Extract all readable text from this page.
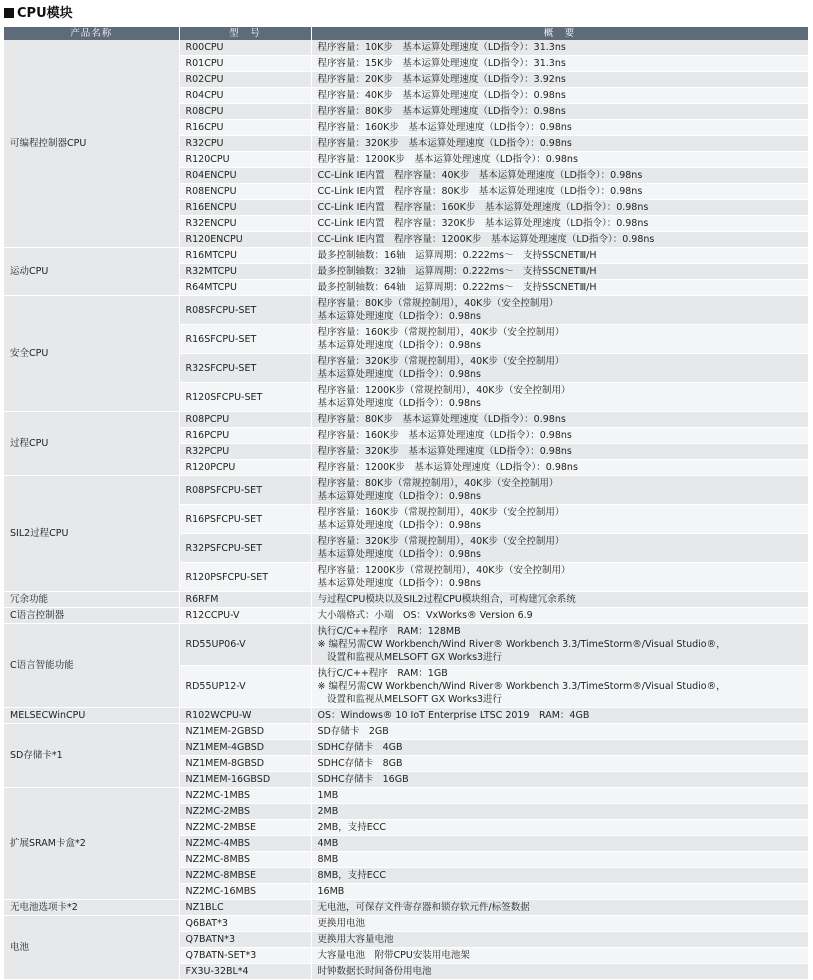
CPU模块
产品名称	型　号	概　要
可编程控制器CPU	R00CPU	程序容量：10K步　基本运算处理速度（LD指令）：31.3ns

	R01CPU	程序容量：15K步　基本运算处理速度（LD指令）：31.3ns

	R02CPU	程序容量：20K步　基本运算处理速度（LD指令）：3.92ns

	R04CPU	程序容量：40K步　基本运算处理速度（LD指令）：0.98ns

	R08CPU	程序容量：80K步　基本运算处理速度（LD指令）：0.98ns

	R16CPU	程序容量：160K步　基本运算处理速度（LD指令）：0.98ns

	R32CPU	程序容量：320K步　基本运算处理速度（LD指令）：0.98ns

	R120CPU	程序容量：1200K步　基本运算处理速度（LD指令）：0.98ns

	R04ENCPU	CC-Link IE内置　程序容量：40K步　基本运算处理速度（LD指令）：0.98ns

	R08ENCPU	CC-Link IE内置　程序容量：80K步　基本运算处理速度（LD指令）：0.98ns

	R16ENCPU	CC-Link IE内置　程序容量：160K步　基本运算处理速度（LD指令）：0.98ns

	R32ENCPU	CC-Link IE内置　程序容量：320K步　基本运算处理速度（LD指令）：0.98ns

	R120ENCPU	CC-Link IE内置　程序容量：1200K步　基本运算处理速度（LD指令）：0.98ns

运动CPU	R16MTCPU	最多控制轴数：16轴　运算周期：0.222ms～　支持SSCNETⅢ/H

	R32MTCPU	最多控制轴数：32轴　运算周期：0.222ms～　支持SSCNETⅢ/H

	R64MTCPU	最多控制轴数：64轴　运算周期：0.222ms～　支持SSCNETⅢ/H

安全CPU	R08SFCPU-SET	程序容量：80K步（常规控制用），40K步（安全控制用）
基本运算处理速度（LD指令）：0.98ns

	R16SFCPU-SET	程序容量：160K步（常规控制用），40K步（安全控制用）
基本运算处理速度（LD指令）：0.98ns

	R32SFCPU-SET	程序容量：320K步（常规控制用），40K步（安全控制用）
基本运算处理速度（LD指令）：0.98ns

	R120SFCPU-SET	程序容量：1200K步（常规控制用），40K步（安全控制用）
基本运算处理速度（LD指令）：0.98ns

过程CPU	R08PCPU	程序容量：80K步　基本运算处理速度（LD指令）：0.98ns

	R16PCPU	程序容量：160K步　基本运算处理速度（LD指令）：0.98ns

	R32PCPU	程序容量：320K步　基本运算处理速度（LD指令）：0.98ns

	R120PCPU	程序容量：1200K步　基本运算处理速度（LD指令）：0.98ns

SIL2过程CPU	R08PSFCPU-SET	程序容量：80K步（常规控制用），40K步（安全控制用）
基本运算处理速度（LD指令）：0.98ns

	R16PSFCPU-SET	程序容量：160K步（常规控制用），40K步（安全控制用）
基本运算处理速度（LD指令）：0.98ns

	R32PSFCPU-SET	程序容量：320K步（常规控制用），40K步（安全控制用）
基本运算处理速度（LD指令）：0.98ns

	R120PSFCPU-SET	程序容量：1200K步（常规控制用），40K步（安全控制用）
基本运算处理速度（LD指令）：0.98ns

冗余功能	R6RFM	与过程CPU模块以及SIL2过程CPU模块组合，可构建冗余系统

C语言控制器	R12CCPU-V	大小端格式：小端　OS：VxWorks® Version 6.9

C语言智能功能	RD55UP06-V	执行C/C++程序　RAM：128MB
※ 编程另需CW Workbench/Wind River® Workbench 3.3/TimeStorm®/Visual Studio®，
　设置和监视从MELSOFT GX Works3进行

	RD55UP12-V	执行C/C++程序　RAM：1GB
※ 编程另需CW Workbench/Wind River® Workbench 3.3/TimeStorm®/Visual Studio®，
　设置和监视从MELSOFT GX Works3进行

MELSECWinCPU	R102WCPU-W	OS：Windows® 10 IoT Enterprise LTSC 2019　RAM：4GB

SD存储卡*1	NZ1MEM-2GBSD	SD存储卡　2GB

	NZ1MEM-4GBSD	SDHC存储卡　4GB

	NZ1MEM-8GBSD	SDHC存储卡　8GB

	NZ1MEM-16GBSD	SDHC存储卡　16GB

扩展SRAM卡盒*2	NZ2MC-1MBS	1MB

	NZ2MC-2MBS	2MB

	NZ2MC-2MBSE	2MB，支持ECC

	NZ2MC-4MBS	4MB

	NZ2MC-8MBS	8MB

	NZ2MC-8MBSE	8MB，支持ECC

	NZ2MC-16MBS	16MB

无电池选项卡*2	NZ1BLC	无电池，可保存文件寄存器和锁存软元件/标签数据

电池	Q6BAT*3	更换用电池

	Q7BATN*3	更换用大容量电池

	Q7BATN-SET*3	大容量电池　附带CPU安装用电池架

	FX3U-32BL*4	时钟数据长时间备份用电池
